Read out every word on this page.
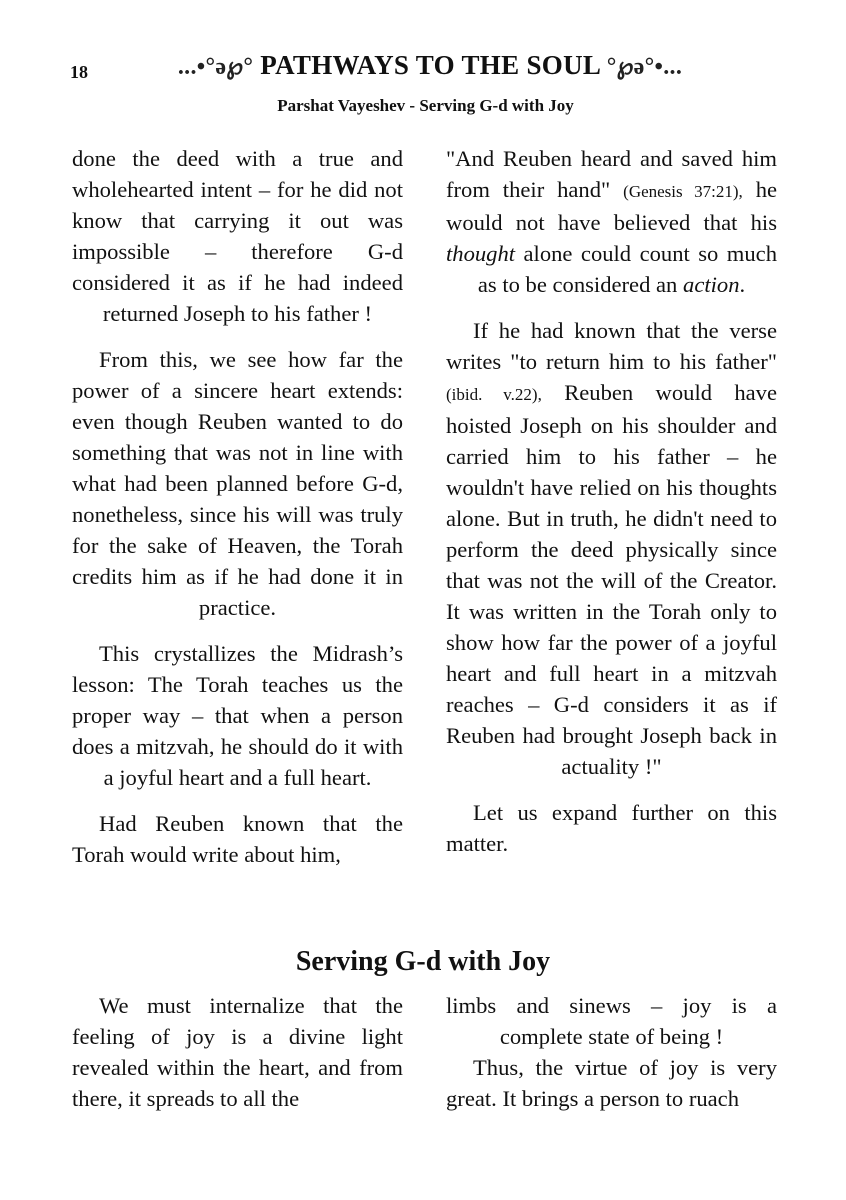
18	...•°ə℘° PATHWAYS TO THE SOUL °℘ə°•...
Parshat Vayeshev - Serving G-d with Joy

done the deed with a true and wholehearted intent – for he did not know that carrying it out was impossible – therefore G-d considered it as if he had indeed returned Joseph to his father !

From this, we see how far the power of a sincere heart extends: even though Reuben wanted to do something that was not in line with what had been planned before G-d, nonetheless, since his will was truly for the sake of Heaven, the Torah credits him as if he had done it in practice.

This crystallizes the Midrash’s lesson: The Torah teaches us the proper way – that when a person does a mitzvah, he should do it with a joyful heart and a full heart.

Had Reuben known that the Torah would write about him,

"And Reuben heard and saved him from their hand" (Genesis 37:21), he would not have believed that his thought alone could count so much as to be considered an action.

If he had known that the verse writes "to return him to his father" (ibid. v.22), Reuben would have hoisted Joseph on his shoulder and carried him to his father – he wouldn't have relied on his thoughts alone. But in truth, he didn't need to perform the deed physically since that was not the will of the Creator. It was written in the Torah only to show how far the power of a joyful heart and full heart in a mitzvah reaches – G-d considers it as if Reuben had brought Joseph back in actuality !"

Let us expand further on this matter.

Serving G-d with Joy

We must internalize that the feeling of joy is a divine light revealed within the heart, and from there, it spreads to all the

limbs and sinews – joy is a complete state of being !

Thus, the virtue of joy is very great. It brings a person to ruach
